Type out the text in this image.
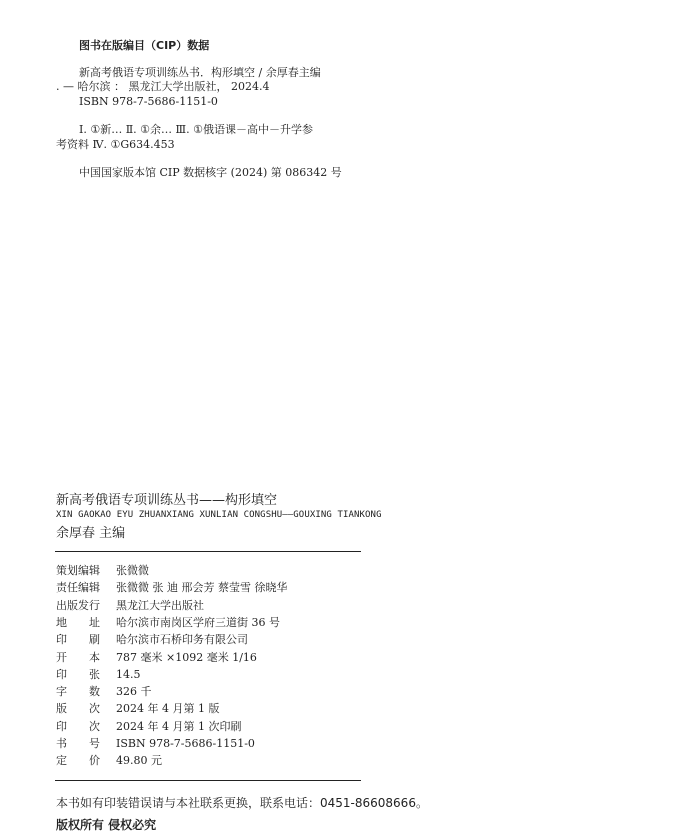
图书在版编目（CIP）数据
新高考俄语专项训练丛书．构形填空 / 余厚春主编
. — 哈尔滨 ： 黑龙江大学出版社， 2024.4
ISBN 978-7-5686-1151-0
Ⅰ. ①新… Ⅱ. ①余… Ⅲ. ①俄语课－高中－升学参
考资料 Ⅳ. ①G634.453
中国国家版本馆 CIP 数据核字 (2024) 第 086342 号
新高考俄语专项训练丛书——构形填空
XIN GAOKAO EYU ZHUANXIANG XUNLIAN CONGSHU——GOUXING TIANKONG
余厚春 主编
策划编辑 张微微
责任编辑 张微微 张 迪 邢会芳 蔡莹雪 徐晓华
出版发行 黑龙江大学出版社
地　　址 哈尔滨市南岗区学府三道街 36 号
印　　刷 哈尔滨市石桥印务有限公司
开　　本 787 毫米 ×1092 毫米 1/16
印　　张 14.5
字　　数 326 千
版　　次 2024 年 4 月第 1 版
印　　次 2024 年 4 月第 1 次印刷
书　　号 ISBN 978-7-5686-1151-0
定　　价 49.80 元
本书如有印装错误请与本社联系更换，联系电话：0451-86608666。
版权所有 侵权必究
